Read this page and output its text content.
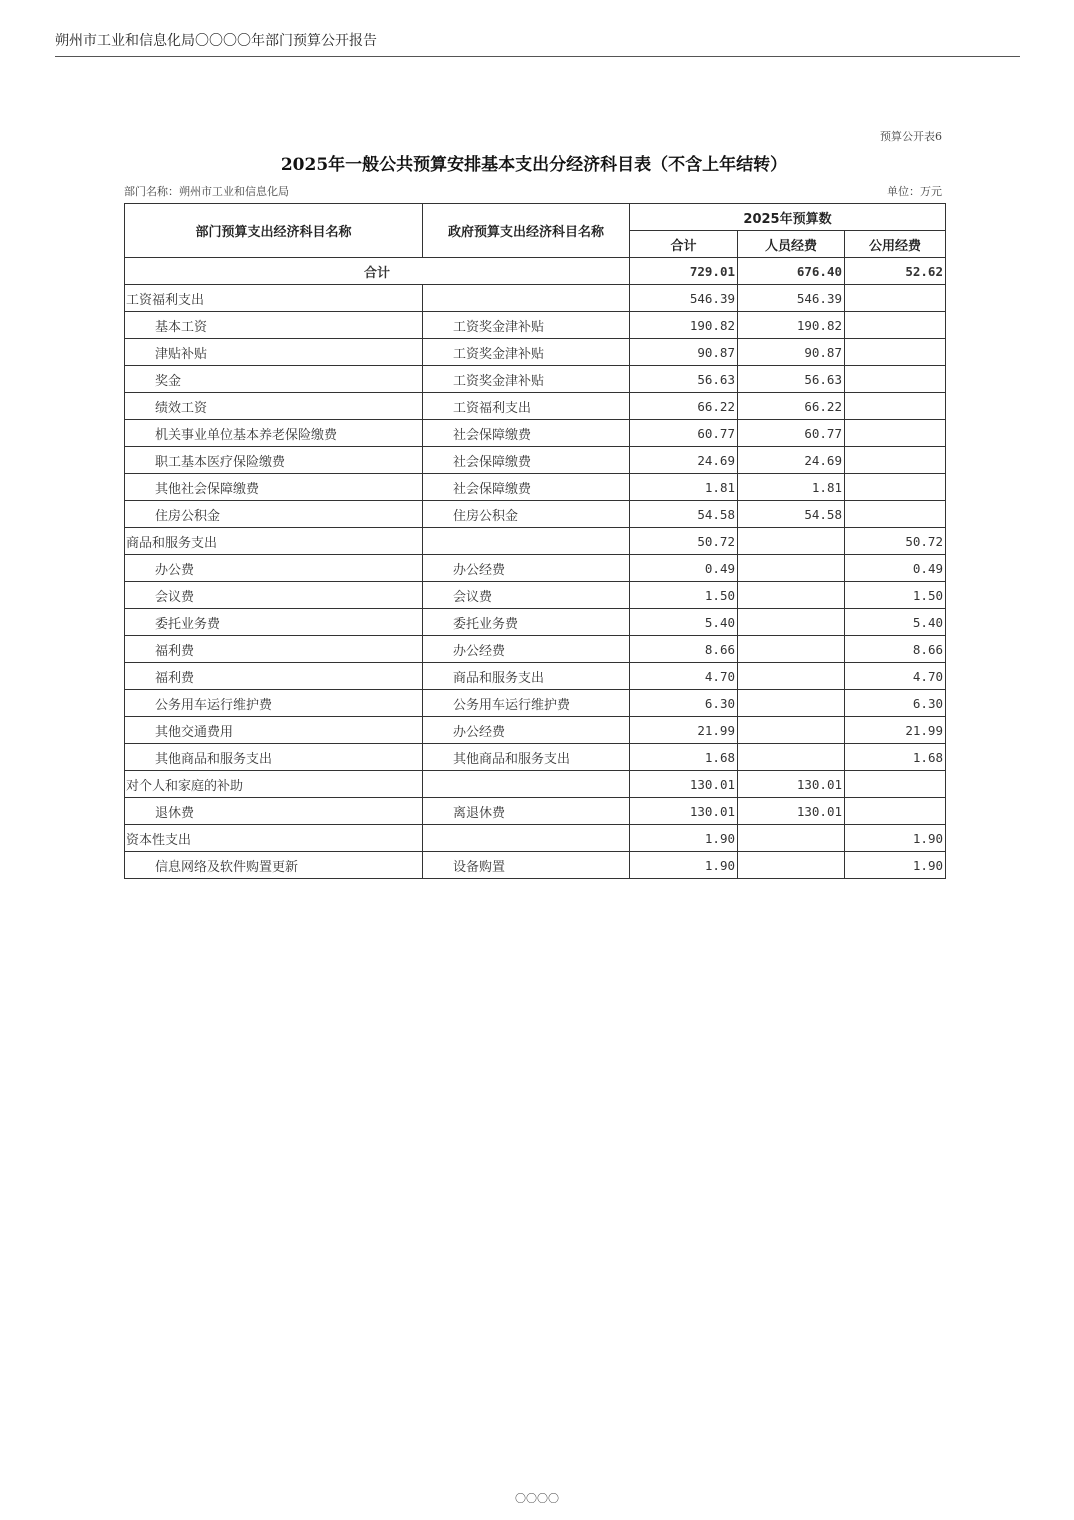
朔州市工业和信息化局〇〇〇〇年部门预算公开报告
预算公开表6
2025年一般公共预算安排基本支出分经济科目表（不含上年结转）
部门名称：朔州市工业和信息化局	单位：万元
部门预算支出经济科目名称	政府预算支出经济科目名称	2025年预算数		
		合计	人员经费	公用经费
合计		729.01	676.40	52.62
工资福利支出		546.39	546.39	
基本工资	工资奖金津补贴	190.82	190.82	
津贴补贴	工资奖金津补贴	90.87	90.87	
奖金	工资奖金津补贴	56.63	56.63	
绩效工资	工资福利支出	66.22	66.22	
机关事业单位基本养老保险缴费	社会保障缴费	60.77	60.77	
职工基本医疗保险缴费	社会保障缴费	24.69	24.69	
其他社会保障缴费	社会保障缴费	1.81	1.81	
住房公积金	住房公积金	54.58	54.58	
商品和服务支出		50.72		50.72
办公费	办公经费	0.49		0.49
会议费	会议费	1.50		1.50
委托业务费	委托业务费	5.40		5.40
福利费	办公经费	8.66		8.66
福利费	商品和服务支出	4.70		4.70
公务用车运行维护费	公务用车运行维护费	6.30		6.30
其他交通费用	办公经费	21.99		21.99
其他商品和服务支出	其他商品和服务支出	1.68		1.68
对个人和家庭的补助		130.01	130.01	
退休费	离退休费	130.01	130.01	
资本性支出		1.90		1.90
信息网络及软件购置更新	设备购置	1.90		1.90
〇〇〇〇
